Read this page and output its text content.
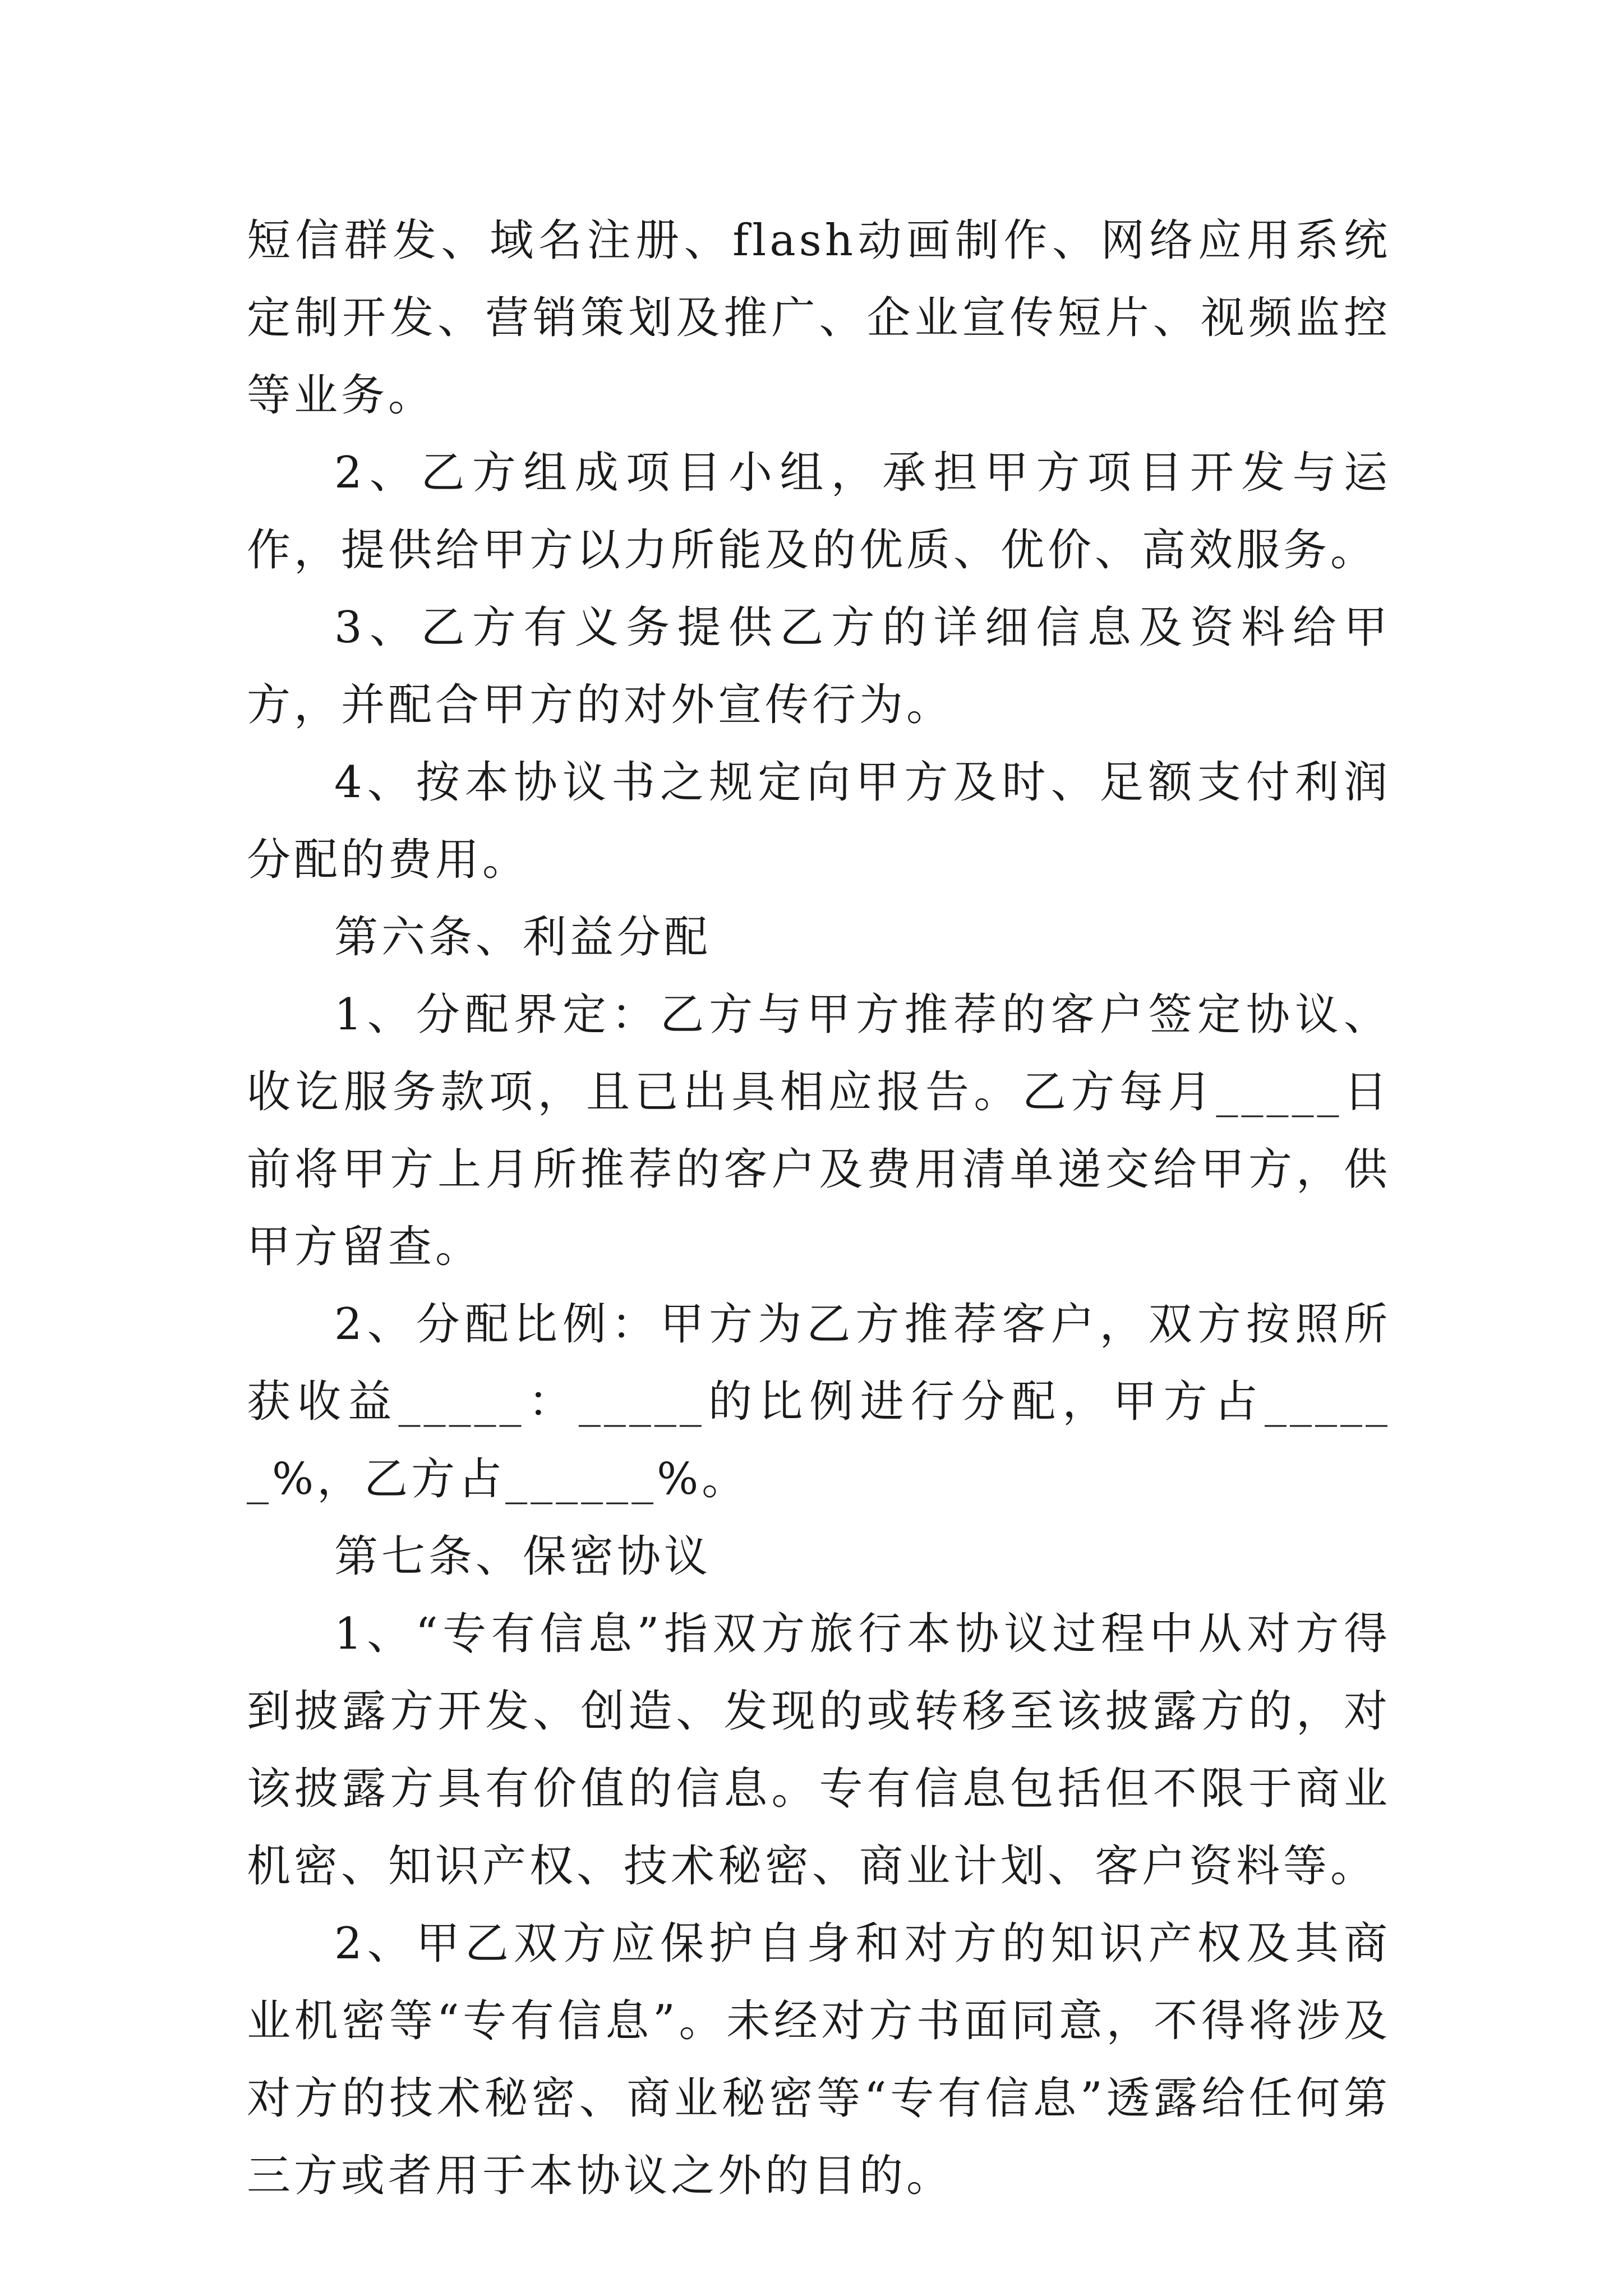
短信群发、域名注册、flash动画制作、网络应用系统定制开发、营销策划及推广、企业宣传短片、视频监控等业务。

2、乙方组成项目小组，承担甲方项目开发与运作，提供给甲方以力所能及的优质、优价、高效服务。

3、乙方有义务提供乙方的详细信息及资料给甲方，并配合甲方的对外宣传行为。

4、按本协议书之规定向甲方及时、足额支付利润分配的费用。

第六条、利益分配

1、分配界定：乙方与甲方推荐的客户签定协议、收讫服务款项，且已出具相应报告。乙方每月_____日前将甲方上月所推荐的客户及费用清单递交给甲方，供甲方留查。

2、分配比例：甲方为乙方推荐客户，双方按照所获收益_____：_____的比例进行分配，甲方占______%，乙方占______%。

第七条、保密协议

1、“专有信息”指双方旅行本协议过程中从对方得到披露方开发、创造、发现的或转移至该披露方的，对该披露方具有价值的信息。专有信息包括但不限于商业机密、知识产权、技术秘密、商业计划、客户资料等。

2、甲乙双方应保护自身和对方的知识产权及其商业机密等“专有信息”。未经对方书面同意，不得将涉及对方的技术秘密、商业秘密等“专有信息”透露给任何第三方或者用于本协议之外的目的。
